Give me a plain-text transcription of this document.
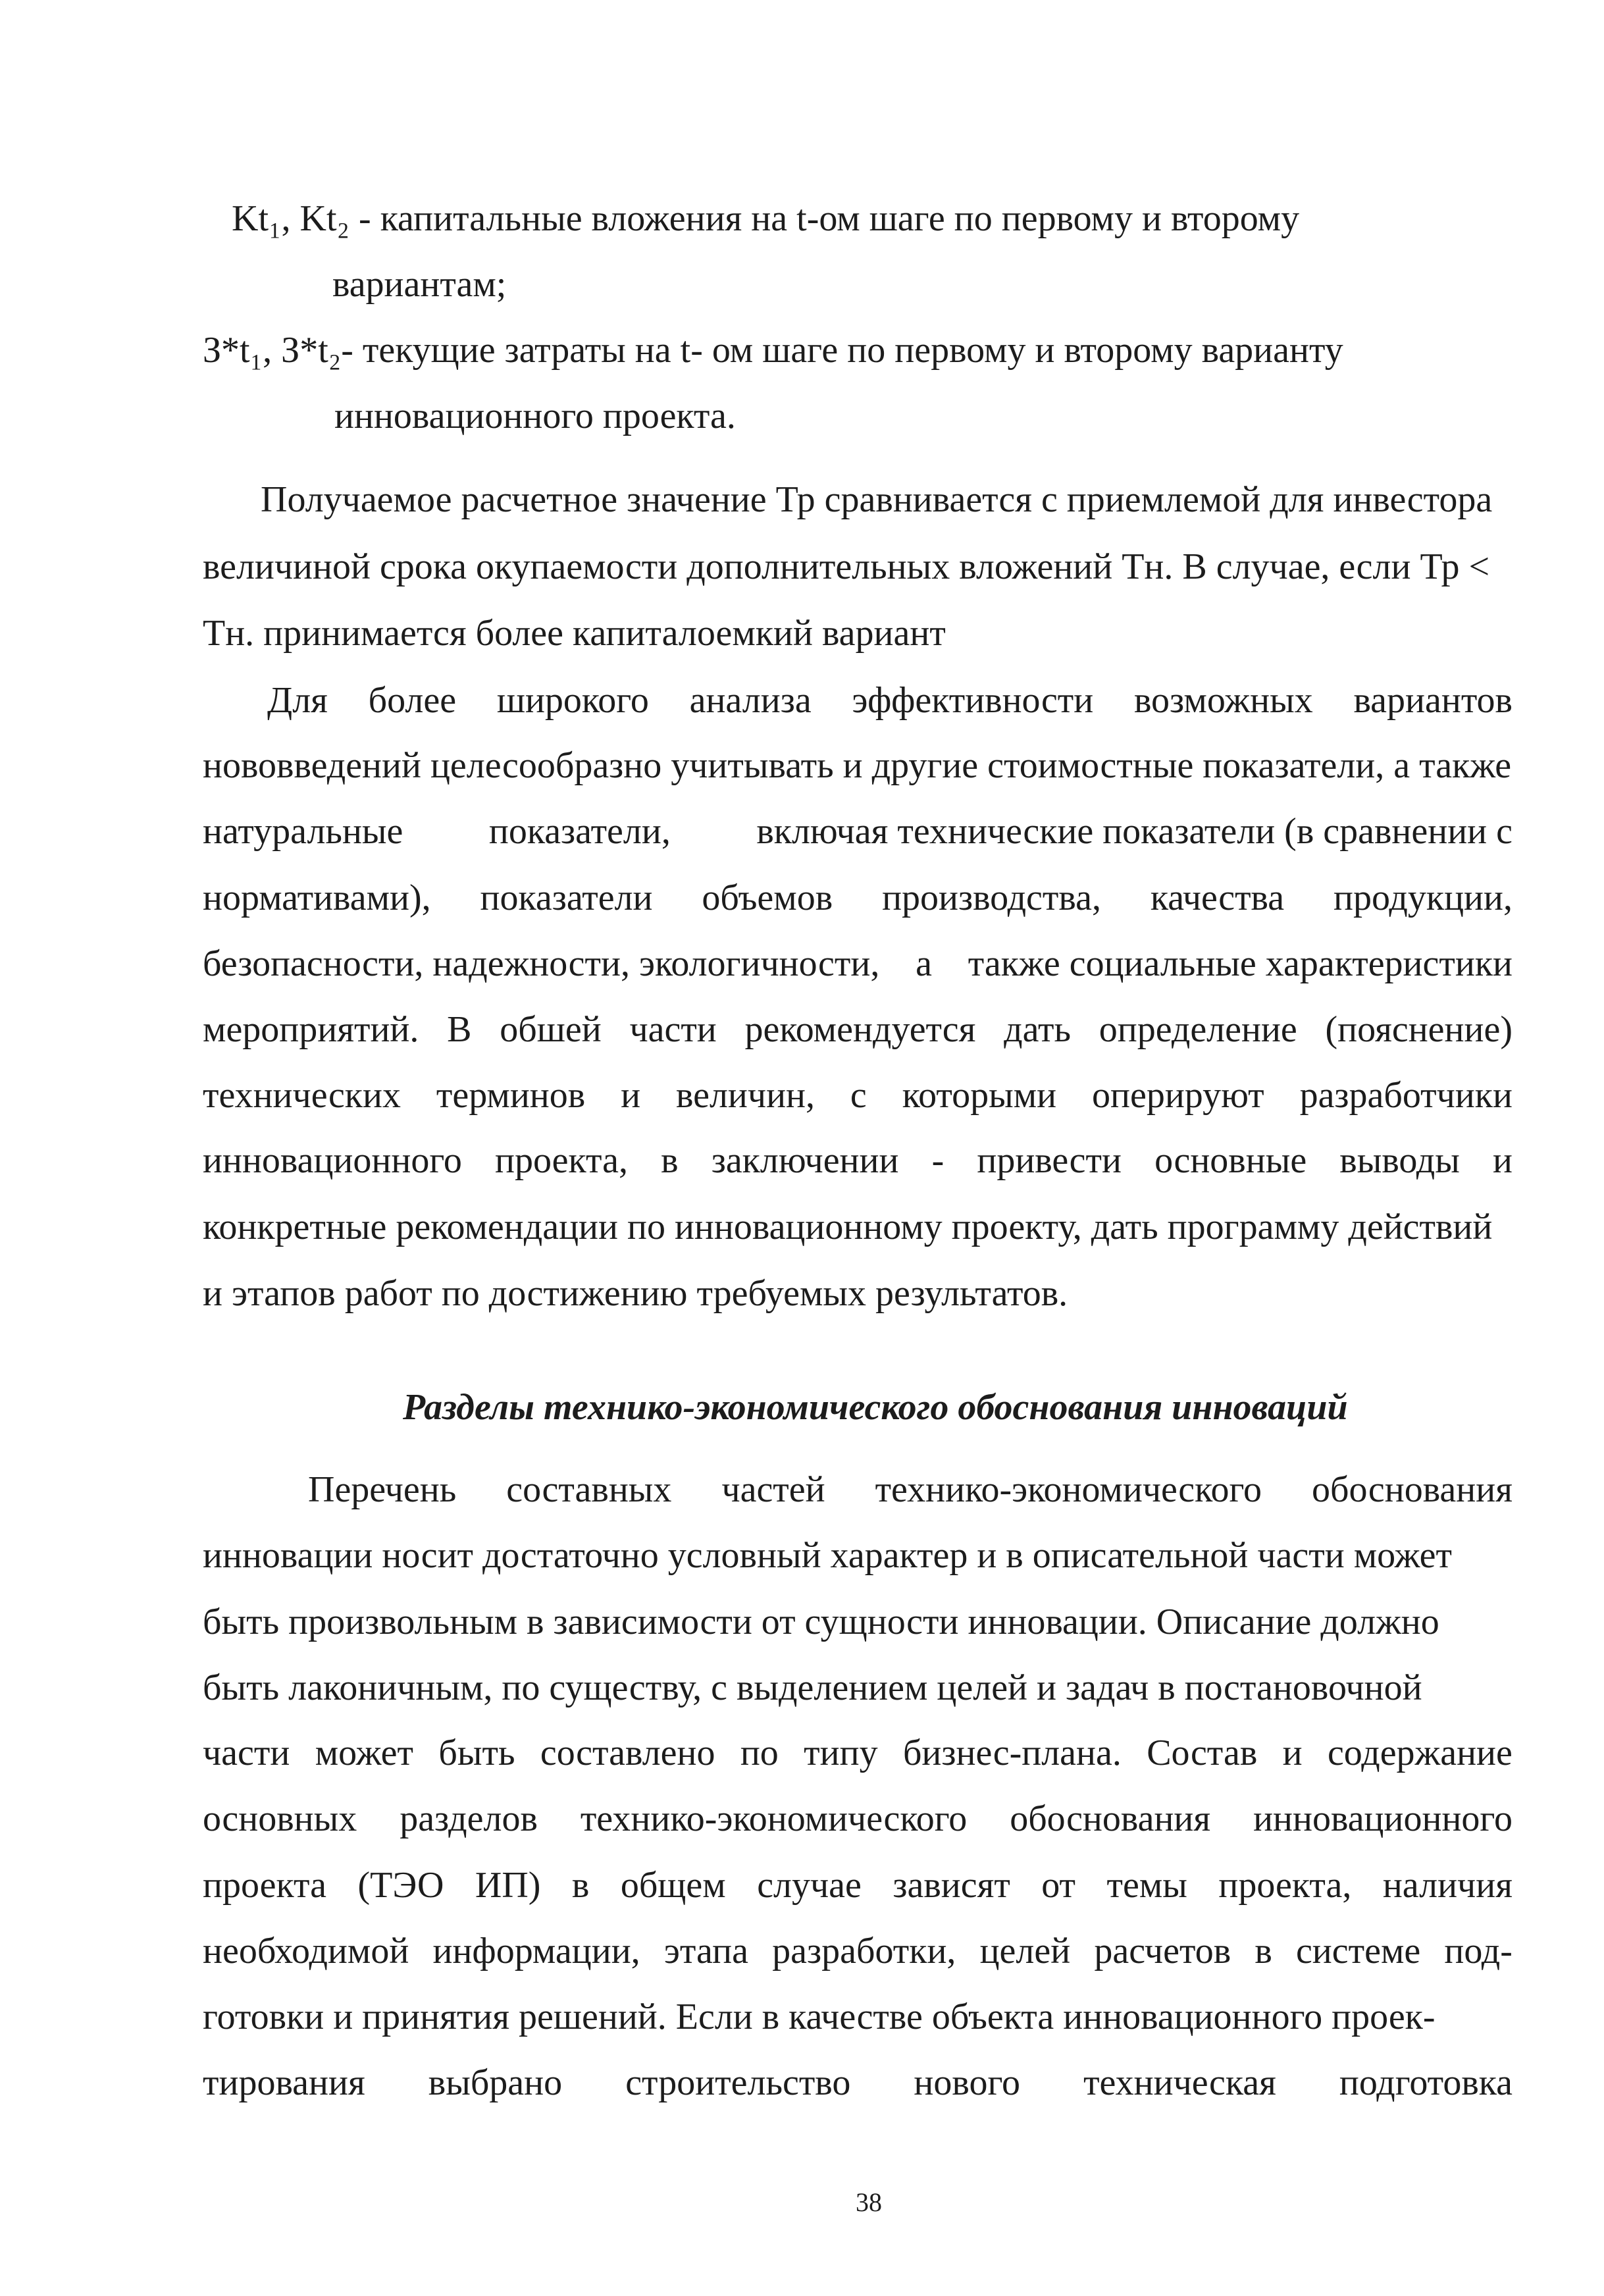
Kt₁, Kt₂ - капитальные вложения на t-ом шаге по первому и второму
вариантам;
З*t₁, З*t₂- текущие затраты на t- ом шаге по первому и второму варианту
инновационного проекта.
Получаемое расчетное значение Тр сравнивается с приемлемой для инвестора
величиной срока окупаемости дополнительных вложений Тн. В случае, если Тр <
Тн. принимается более капиталоемкий вариант
Для более широкого анализа эффективности возможных вариантов
нововведений целесообразно учитывать и другие стоимостные показатели, а также
натуральные показатели, включая технические показатели (в сравнении с
нормативами), показатели объемов производства, качества продукции,
безопасности, надежности, экологичности, а также социальные характеристики
мероприятий. В обшей части рекомендуется дать определение (пояснение)
технических терминов и величин, с которыми оперируют разработчики
инновационного проекта, в заключении - привести основные выводы и
конкретные рекомендации по инновационному проекту, дать программу действий
и этапов работ по достижению требуемых результатов.
Разделы технико-экономического обоснования инноваций
Перечень составных частей технико-экономического обоснования
инновации носит достаточно условный характер и в описательной части может
быть произвольным в зависимости от сущности инновации. Описание должно
быть лаконичным, по существу, с выделением целей и задач в постановочной
части может быть составлено по типу бизнес-плана. Состав и содержание
основных разделов технико-экономического обоснования инновационного
проекта (ТЭО ИП) в общем случае зависят от темы проекта, наличия
необходимой информации, этапа разработки, целей расчетов в системе под-
готовки и принятия решений. Если в качестве объекта инновационного проек-
тирования выбрано строительство нового техническая подготовка
38
